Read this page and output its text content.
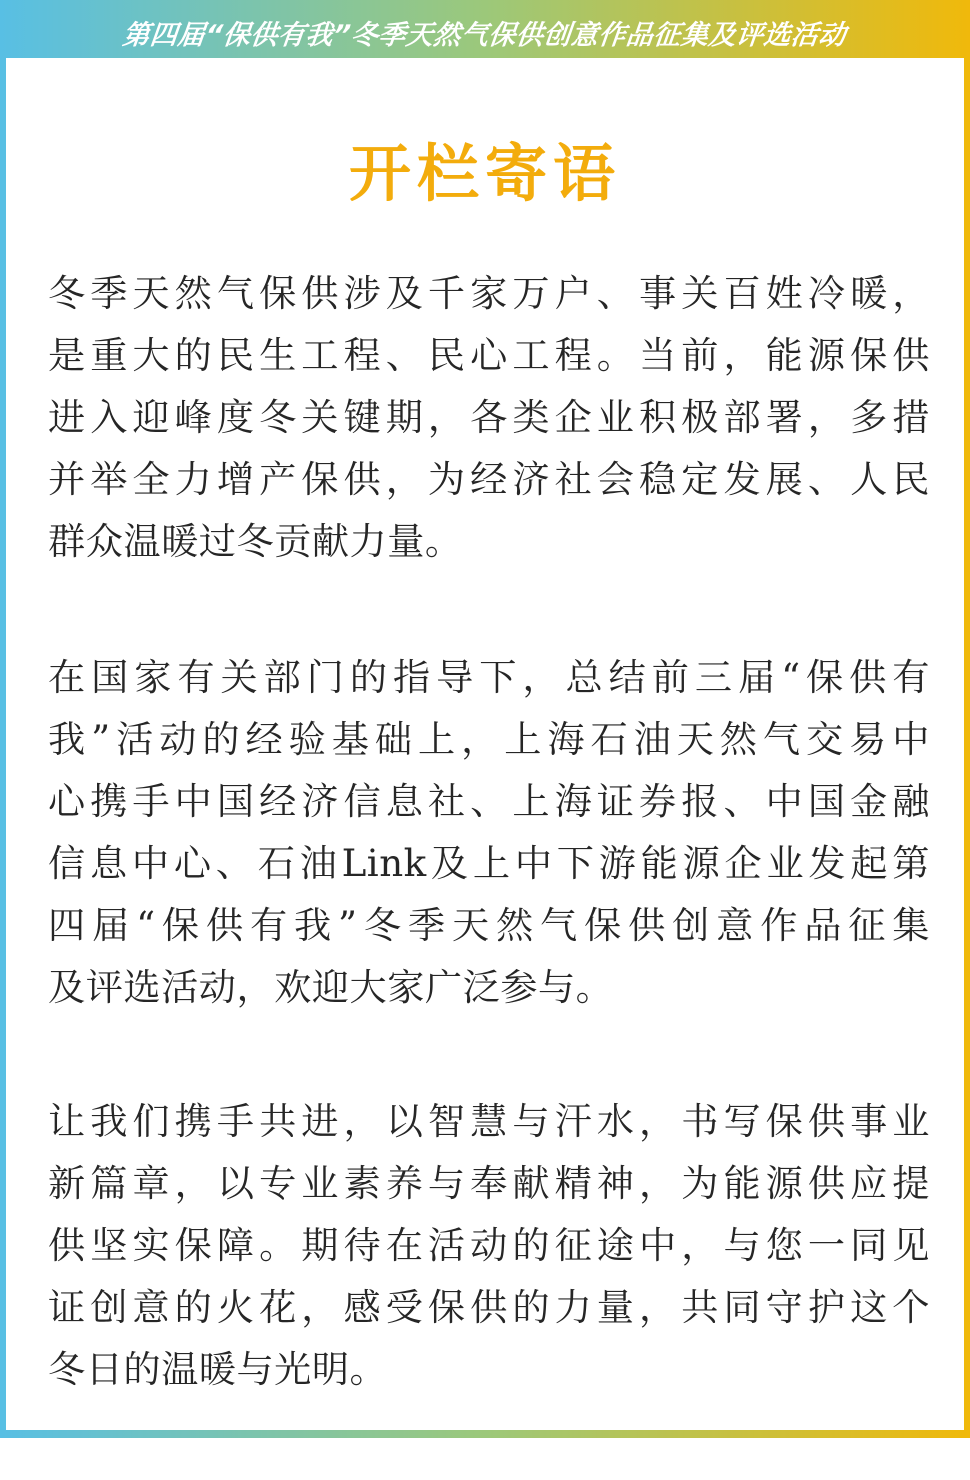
第四届“保供有我”冬季天然气保供创意作品征集及评选活动
开栏寄语
冬季天然气保供涉及千家万户、事关百姓冷暖，
是重大的民生工程、民心工程。当前，能源保供
进入迎峰度冬关键期，各类企业积极部署，多措
并举全力增产保供，为经济社会稳定发展、人民
群众温暖过冬贡献力量。
在国家有关部门的指导下，总结前三届“保供有
我”活动的经验基础上，上海石油天然气交易中
心携手中国经济信息社、上海证券报、中国金融
信息中心、石油Link及上中下游能源企业发起第
四届“保供有我”冬季天然气保供创意作品征集
及评选活动，欢迎大家广泛参与。
让我们携手共进，以智慧与汗水，书写保供事业
新篇章，以专业素养与奉献精神，为能源供应提
供坚实保障。期待在活动的征途中，与您一同见
证创意的火花，感受保供的力量，共同守护这个
冬日的温暖与光明。
